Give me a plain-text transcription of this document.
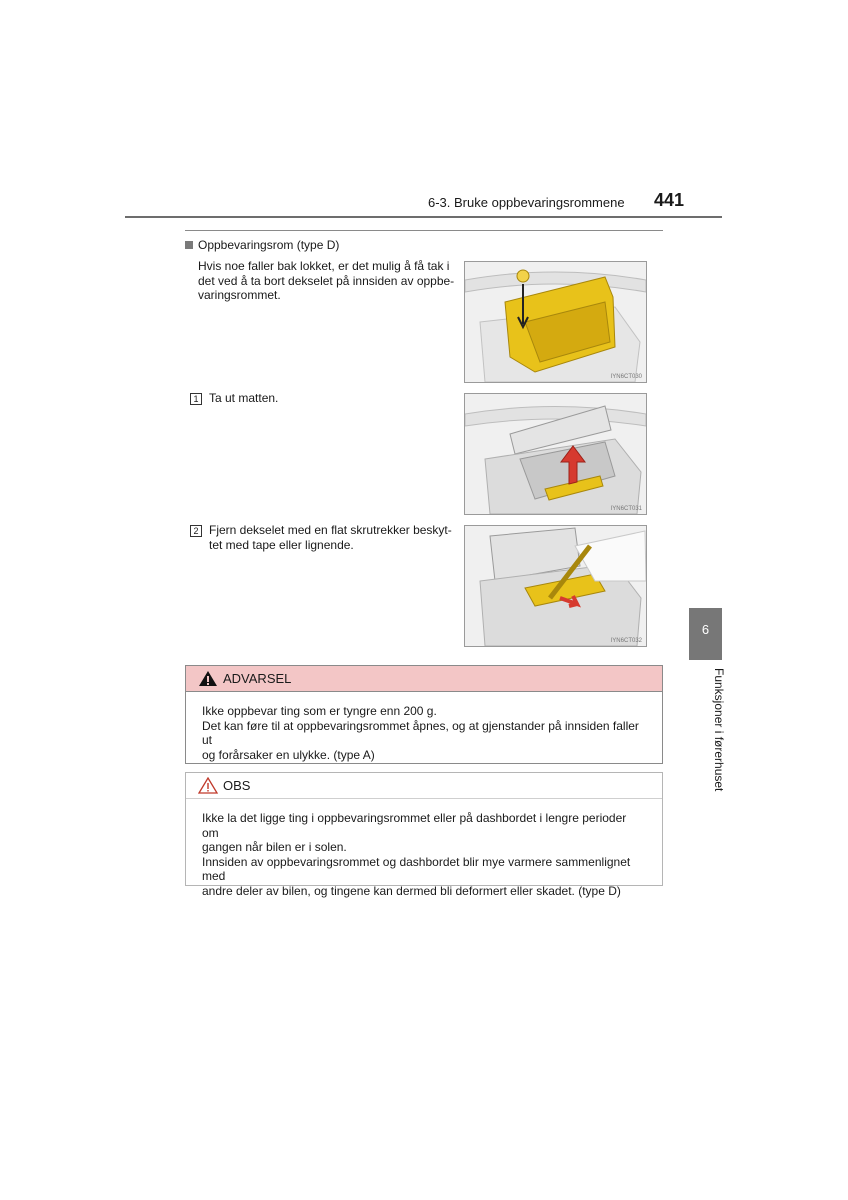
6-3. Bruke oppbevaringsrommene 441
Oppbevaringsrom (type D)
Hvis noe faller bak lokket, er det mulig å få tak i
det ved å ta bort dekselet på innsiden av oppbe-
varingsrommet.
1 Ta ut matten.
2 Fjern dekselet med en flat skrutrekker beskyt-
tet med tape eller lignende.
IYN6CT030
IYN6CT031
IYN6CT032
6
Funksjoner i førerhuset
ADVARSEL
Ikke oppbevar ting som er tyngre enn 200 g.
Det kan føre til at oppbevaringsrommet åpnes, og at gjenstander på innsiden faller ut
og forårsaker en ulykke. (type A)
OBS
Ikke la det ligge ting i oppbevaringsrommet eller på dashbordet i lengre perioder om
gangen når bilen er i solen.
Innsiden av oppbevaringsrommet og dashbordet blir mye varmere sammenlignet med
andre deler av bilen, og tingene kan dermed bli deformert eller skadet. (type D)
